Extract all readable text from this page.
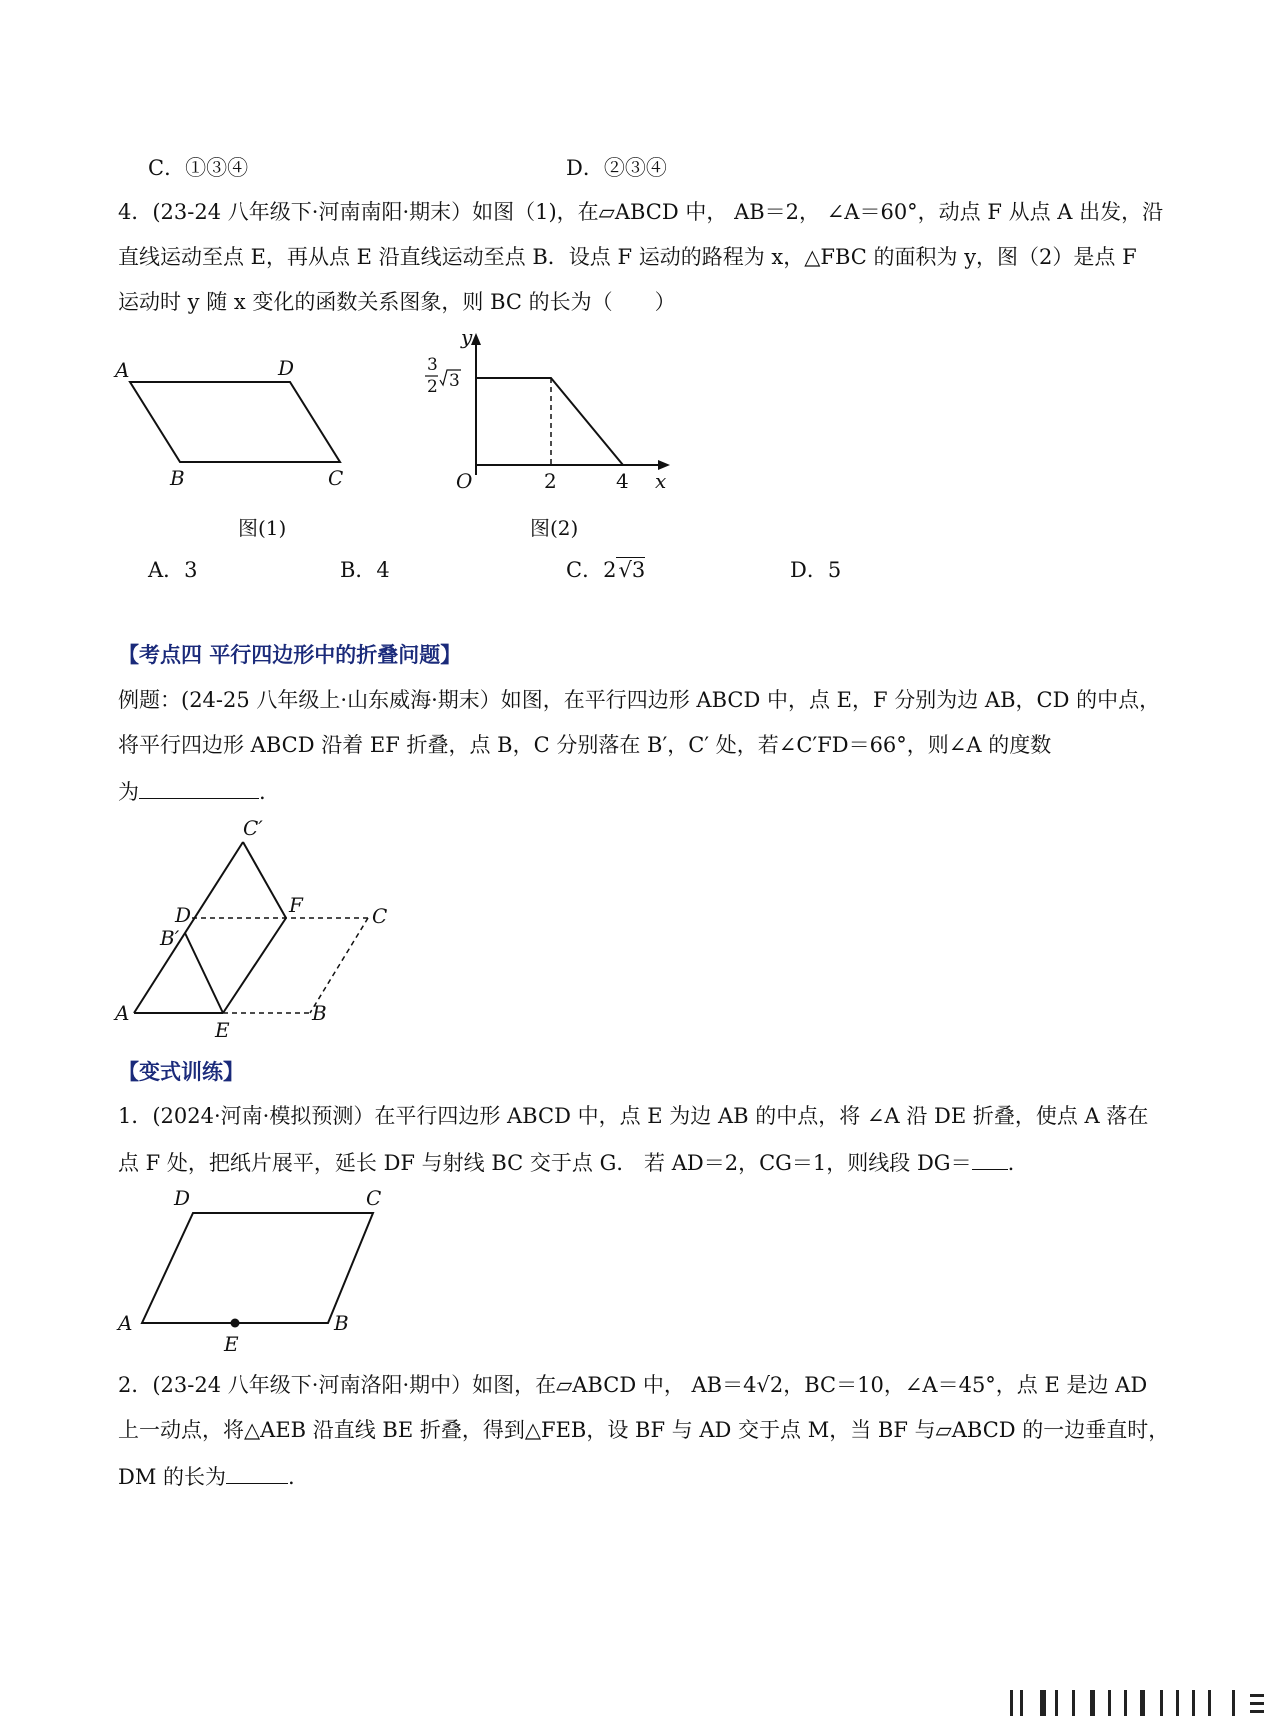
C．①③④	D．②③④
4．(23-24 八年级下·河南南阳·期末）如图（1)，在▱ABCD 中， AB＝2， ∠A＝60°，动点 F 从点 A 出发，沿
直线运动至点 E，再从点 E 沿直线运动至点 B．设点 F 运动的路程为 x，△FBC 的面积为 y，图（2）是点 F
运动时 y 随 x 变化的函数关系图象，则 BC 的长为（　　）
A	D
B	C
图(1)
y
x
O	2	4
3
2 3
图(2)
A．3	B．4	C．2√3	D．5
【考点四 平行四边形中的折叠问题】
例题：(24-25 八年级上·山东威海·期末）如图，在平行四边形 ABCD 中，点 E，F 分别为边 AB，CD 的中点，
将平行四边形 ABCD 沿着 EF 折叠，点 B，C 分别落在 B′，C′ 处，若∠C′FD＝66°，则∠A 的度数
为	.
C′
D	F	C
B′
A
E
B
【变式训练】
1．(2024·河南·模拟预测）在平行四边形 ABCD 中，点 E 为边 AB 的中点，将 ∠A 沿 DE 折叠，使点 A 落在
点 F 处，把纸片展平，延长 DF 与射线 BC 交于点 G． 若 AD＝2，CG＝1，则线段 DG＝ .
D	C
A	B
E
2．(23-24 八年级下·河南洛阳·期中）如图，在▱ABCD 中， AB＝4√2，BC＝10，∠A＝45°，点 E 是边 AD
上一动点，将△AEB 沿直线 BE 折叠，得到△FEB，设 BF 与 AD 交于点 M，当 BF 与▱ABCD 的一边垂直时，
DM 的长为	.
